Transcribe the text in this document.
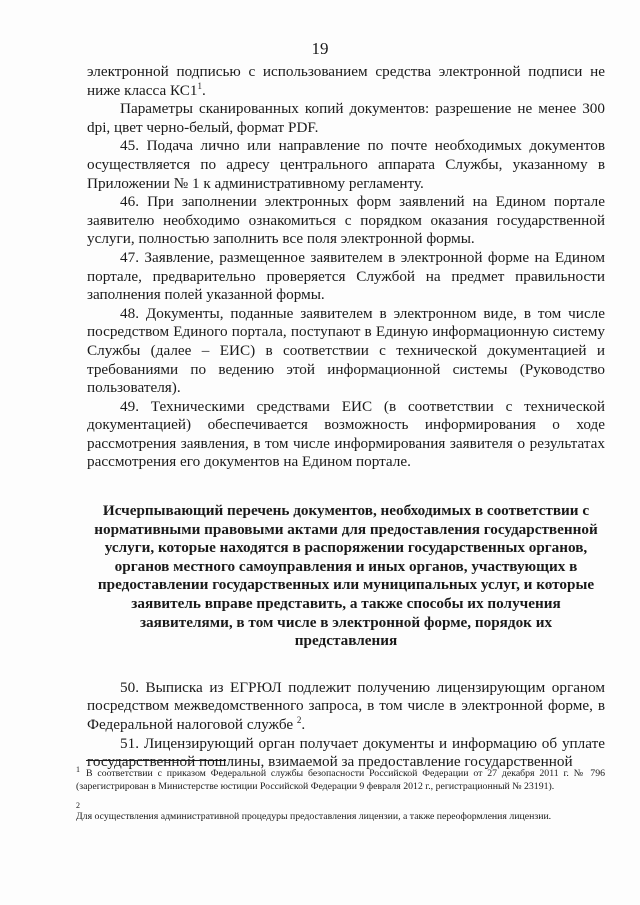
19

электронной подписью с использованием средства электронной подписи не ниже класса $КС1^1$.

Параметры сканированных копий документов: разрешение не менее 300 dpi, цвет черно-белый, формат PDF.

45. Подача лично или направление по почте необходимых документов осуществляется по адресу центрального аппарата Службы, указанному в Приложении № 1 к административному регламенту.

46. При заполнении электронных форм заявлений на Едином портале заявителю необходимо ознакомиться с порядком оказания государственной услуги, полностью заполнить все поля электронной формы.

47. Заявление, размещенное заявителем в электронной форме на Едином портале, предварительно проверяется Службой на предмет правильности заполнения полей указанной формы.

48. Документы, поданные заявителем в электронном виде, в том числе посредством Единого портала, поступают в Единую информационную систему Службы (далее – ЕИС) в соответствии с технической документацией и требованиями по ведению этой информационной системы (Руководство пользователя).

49. Техническими средствами ЕИС (в соответствии с технической документацией) обеспечивается возможность информирования о ходе рассмотрения заявления, в том числе информирования заявителя о результатах рассмотрения его документов на Едином портале.

Исчерпывающий перечень документов, необходимых в соответствии с нормативными правовыми актами для предоставления государственной услуги, которые находятся в распоряжении государственных органов, органов местного самоуправления и иных органов, участвующих в предоставлении государственных или муниципальных услуг, и которые заявитель вправе представить, а также способы их получения заявителями, в том числе в электронной форме, порядок их представления

50. Выписка из ЕГРЮЛ подлежит получению лицензирующим органом посредством межведомственного запроса, в том числе в электронной форме, в Федеральной налоговой службе $^2$.

51. Лицензирующий орган получает документы и информацию об уплате государственной пошлины, взимаемой за предоставление государственной

$^1$ В соответствии с приказом Федеральной службы безопасности Российской Федерации от 27 декабря 2011 г. № 796 (зарегистрирован в Министерстве юстиции Российской Федерации 9 февраля 2012 г., регистрационный № 23191).

2
Для осуществления административной процедуры предоставления лицензии, а также переоформления лицензии.
